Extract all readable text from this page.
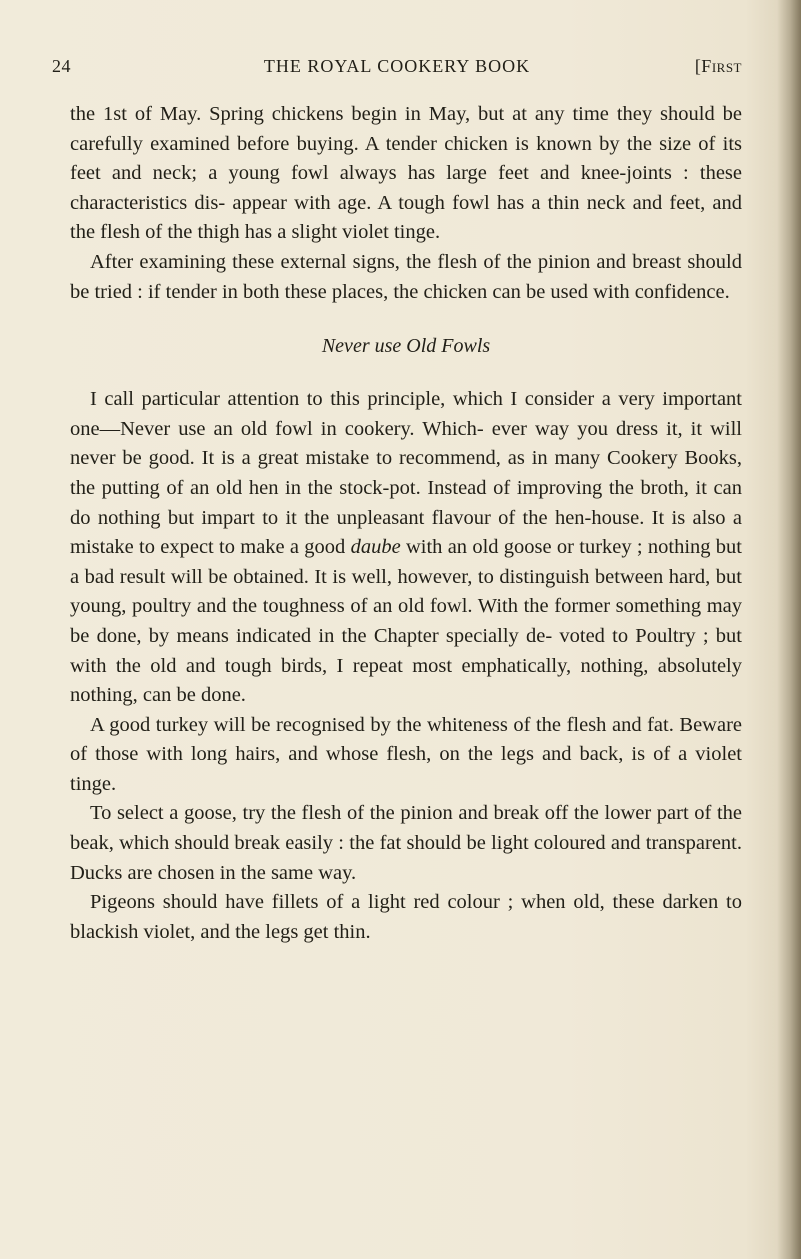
24	THE ROYAL COOKERY BOOK	[First

the 1st of May. Spring chickens begin in May, but at any time they should be carefully examined before buying. A tender chicken is known by the size of its feet and neck; a young fowl always has large feet and knee-joints : these characteristics dis- appear with age. A tough fowl has a thin neck and feet, and the flesh of the thigh has a slight violet tinge.

After examining these external signs, the flesh of the pinion and breast should be tried : if tender in both these places, the chicken can be used with confidence.

Never use Old Fowls

I call particular attention to this principle, which I consider a very important one—Never use an old fowl in cookery. Which- ever way you dress it, it will never be good. It is a great mistake to recommend, as in many Cookery Books, the putting of an old hen in the stock-pot. Instead of improving the broth, it can do nothing but impart to it the unpleasant flavour of the hen-house. It is also a mistake to expect to make a good daube with an old goose or turkey ; nothing but a bad result will be obtained. It is well, however, to distinguish between hard, but young, poultry and the toughness of an old fowl. With the former something may be done, by means indicated in the Chapter specially de- voted to Poultry ; but with the old and tough birds, I repeat most emphatically, nothing, absolutely nothing, can be done.

A good turkey will be recognised by the whiteness of the flesh and fat. Beware of those with long hairs, and whose flesh, on the legs and back, is of a violet tinge.

To select a goose, try the flesh of the pinion and break off the lower part of the beak, which should break easily : the fat should be light coloured and transparent. Ducks are chosen in the same way.

Pigeons should have fillets of a light red colour ; when old, these darken to blackish violet, and the legs get thin.
